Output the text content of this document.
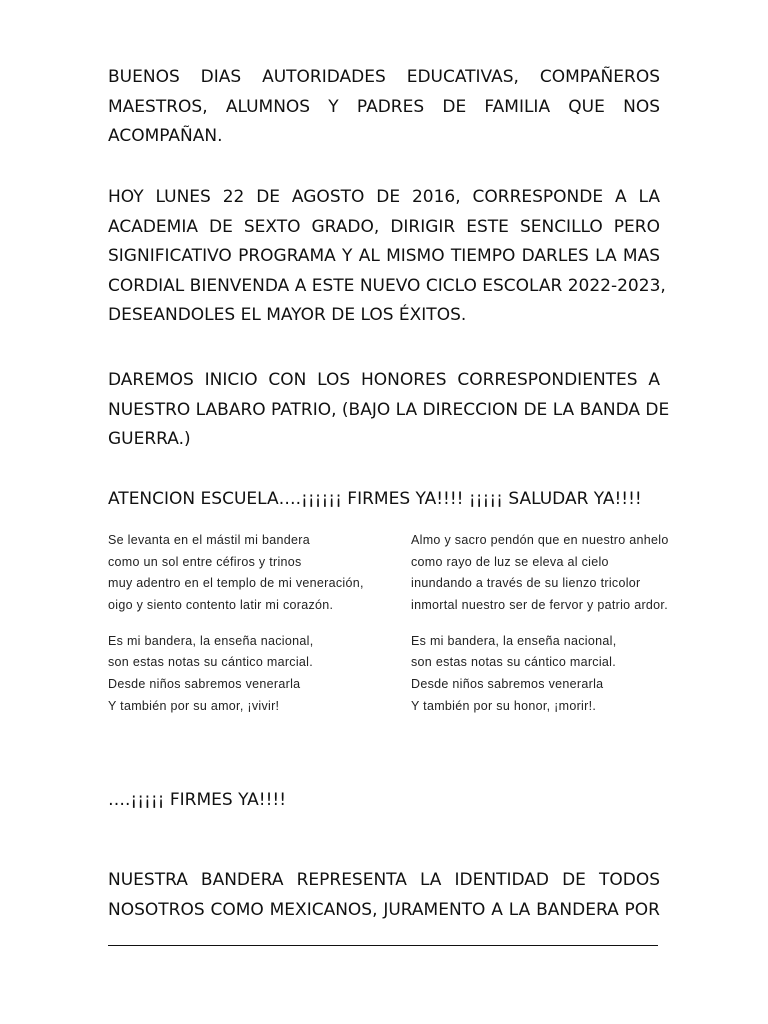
BUENOS DIAS AUTORIDADES EDUCATIVAS, COMPAÑEROS
MAESTROS, ALUMNOS Y PADRES DE FAMILIA QUE NOS
ACOMPAÑAN.

HOY LUNES 22 DE AGOSTO DE 2016, CORRESPONDE A LA
ACADEMIA DE SEXTO GRADO, DIRIGIR ESTE SENCILLO PERO
SIGNIFICATIVO PROGRAMA Y AL MISMO TIEMPO DARLES LA MAS
CORDIAL BIENVENDA A ESTE NUEVO CICLO ESCOLAR 2022-2023,
DESEANDOLES EL MAYOR DE LOS ÉXITOS.

DAREMOS INICIO CON LOS HONORES CORRESPONDIENTES A
NUESTRO LABARO PATRIO, (BAJO LA DIRECCION DE LA BANDA DE
GUERRA.)

ATENCION ESCUELA….¡¡¡¡¡¡ FIRMES YA!!!! ¡¡¡¡¡ SALUDAR YA!!!!

Se levanta en el mástil mi bandera
como un sol entre céfiros y trinos
muy adentro en el templo de mi veneración,
oigo y siento contento latir mi corazón.
Es mi bandera, la enseña nacional,
son estas notas su cántico marcial.
Desde niños sabremos venerarla
Y también por su amor, ¡vivir!
Almo y sacro pendón que en nuestro anhelo
como rayo de luz se eleva al cielo
inundando a través de su lienzo tricolor
inmortal nuestro ser de fervor y patrio ardor.
Es mi bandera, la enseña nacional,
son estas notas su cántico marcial.
Desde niños sabremos venerarla
Y también por su honor, ¡morir!.

….¡¡¡¡¡ FIRMES YA!!!!

NUESTRA BANDERA REPRESENTA LA IDENTIDAD DE TODOS
NOSOTROS COMO MEXICANOS, JURAMENTO A LA BANDERA POR
